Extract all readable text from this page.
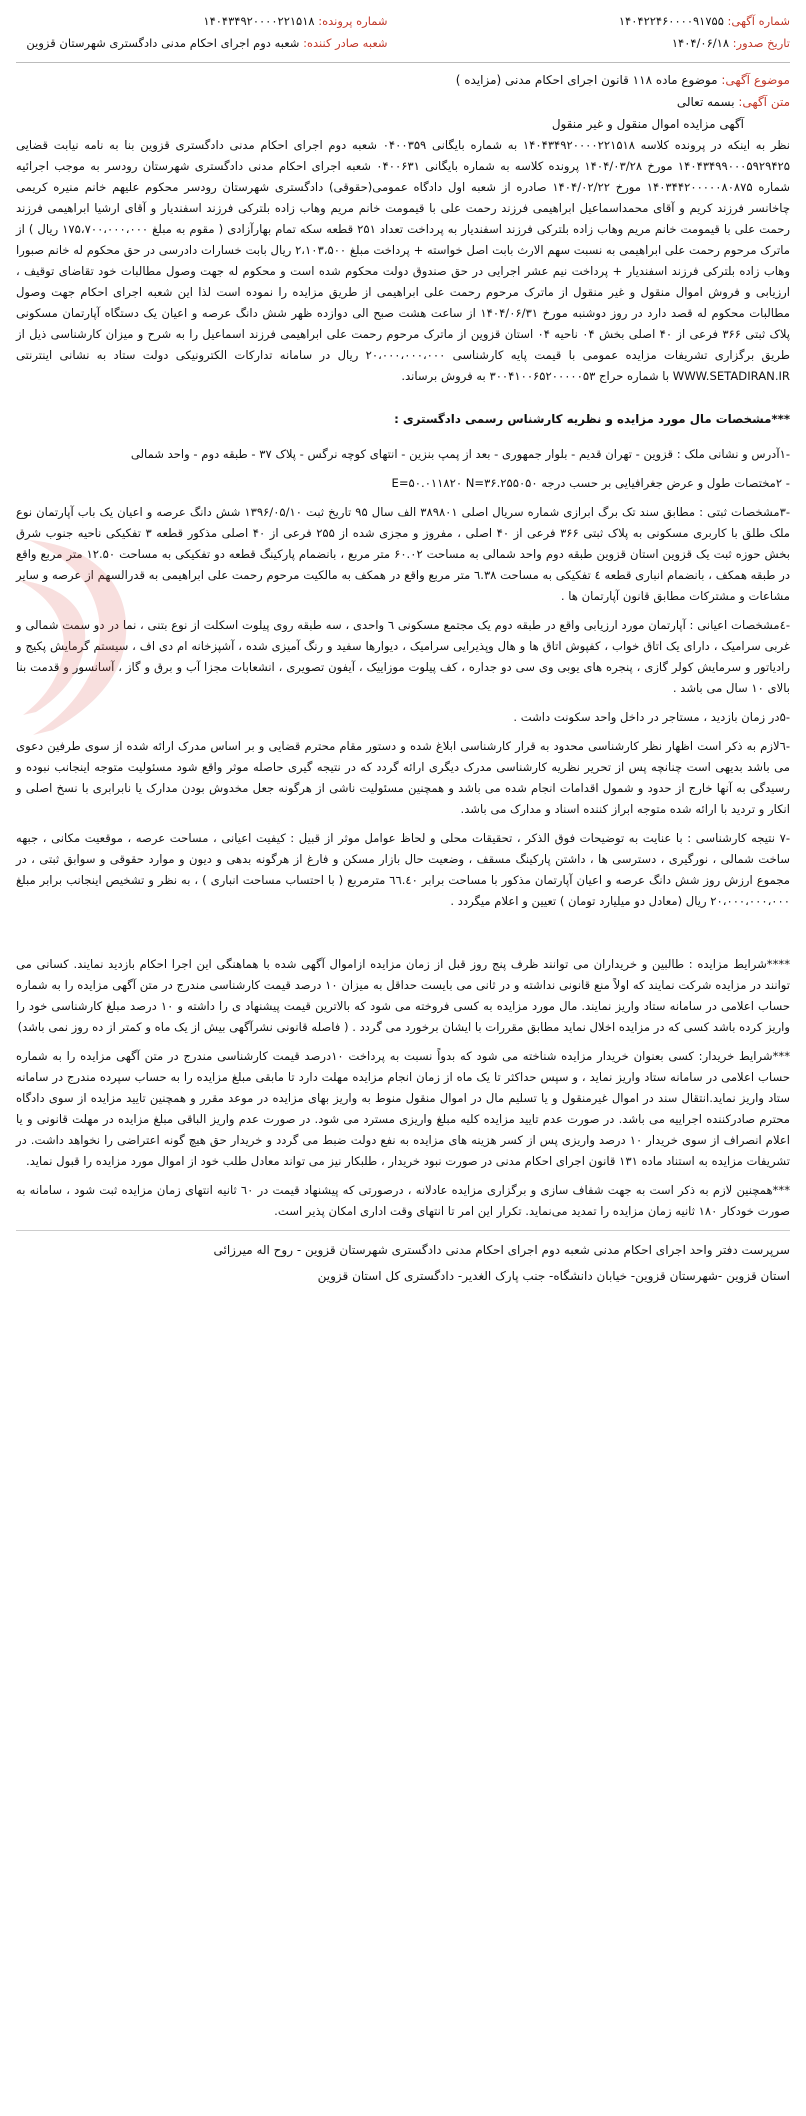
شماره آگهی: ۱۴۰۴۲۲۴۶۰۰۰۰۹۱۷۵۵
تاریخ صدور: ۱۴۰۴/۰۶/۱۸
شماره پرونده: ۱۴۰۴۳۴۹۲۰۰۰۰۲۲۱۵۱۸
شعبه صادر کننده: شعبه دوم اجرای احکام مدنی دادگستری شهرستان قزوین
موضوع آگهی: موضوع ماده ۱۱۸ قانون اجرای احکام مدنی (مزایده )
متن آگهی: بسمه تعالی
آگهی مزایده اموال منقول و غیر منقول

نظر به اینکه در پرونده کلاسه ۱۴۰۴۳۴۹۲۰۰۰۰۲۲۱۵۱۸ به شماره بایگانی ۰۴۰۰۳۵۹ شعبه دوم اجرای احکام مدنی دادگستری قزوین بنا به نامه نیابت قضایی ۱۴۰۴۳۴۹۹۰۰۰۵۹۲۹۴۲۵ مورخ ۱۴۰۴/۰۳/۲۸ پرونده کلاسه به شماره بایگانی ۰۴۰۰۶۳۱ شعبه اجرای احکام مدنی دادگستری شهرستان رودسر به موجب اجرائیه شماره ۱۴۰۳۴۴۲۰۰۰۰۰۸۰۸۷۵ مورخ ۱۴۰۴/۰۲/۲۲ صادره از شعبه اول دادگاه عمومی(حقوقی) دادگستری شهرستان رودسر محکوم علیهم خانم منیره کریمی چاخانسر فرزند کریم و آقای محمداسماعیل ابراهیمی فرزند رحمت علی با قیمومت خانم مریم وهاب زاده بلترکی فرزند اسفندیار و آقای ارشیا ابراهیمی فرزند رحمت علی با قیمومت خانم مریم وهاب زاده بلترکی فرزند اسفندیار به پرداخت تعداد ۲۵۱ قطعه سکه تمام بهارآزادی ( مقوم به مبلغ ۱۷۵،۷۰۰،۰۰۰،۰۰۰ ریال ) از ماترک مرحوم رحمت علی ابراهیمی به نسبت سهم الارث بابت اصل خواسته + پرداخت مبلغ ۲،۱۰۳،۵۰۰ ریال بابت خسارات دادرسی در حق محکوم له خانم صبورا وهاب زاده بلترکی فرزند اسفندیار + پرداخت نیم عشر اجرایی در حق صندوق دولت محکوم شده است و محکوم له جهت وصول مطالبات خود تقاضای توقیف ، ارزیابی و فروش اموال منقول و غیر منقول از ماترک مرحوم رحمت علی ابراهیمی از طریق مزایده را نموده است لذا این شعبه اجرای احکام جهت وصول مطالبات محکوم له قصد دارد در روز دوشنبه مورخ ۱۴۰۴/۰۶/۳۱ از ساعت هشت صبح الی دوازده ظهر شش دانگ عرصه و اعیان یک دستگاه آپارتمان مسکونی پلاک ثبتی ۳۶۶ فرعی از ۴۰ اصلی بخش ۰۴ ناحیه ۰۴ استان قزوین از ماترک مرحوم رحمت علی ابراهیمی فرزند اسماعیل را به شرح و میزان کارشناسی ذیل از طریق برگزاری تشریفات مزایده عمومی با قیمت پایه کارشناسی ۲۰،۰۰۰،۰۰۰،۰۰۰ ریال در سامانه تدارکات الکترونیکی دولت ستاد به نشانی اینترنتی WWW.SETADIRAN.IR با شماره حراج ۳۰۰۴۱۰۰۶۵۲۰۰۰۰۰۵۳ به فروش برساند.

***مشخصات مال مورد مزایده و نظریه کارشناس رسمی دادگستری :

-۱آدرس و نشانی ملک : قزوین - تهران قدیم - بلوار جمهوری - بعد از پمپ بنزین - انتهای کوچه نرگس - پلاک ۳۷ - طبقه دوم - واحد شمالی

- ۲مختصات طول و عرض جغرافیایی بر حسب درجه E=۵۰.۰۱۱۸۲۰ N=۳۶.۲۵۵۰۵۰

-۳مشخصات ثبتی : مطابق سند تک برگ ابرازی شماره سریال اصلی ۳۸۹۸۰۱ الف سال ۹۵ تاریخ ثبت ۱۳۹۶/۰۵/۱۰ شش دانگ عرصه و اعیان یک باب آپارتمان نوع ملک طلق با کاربری مسکونی به پلاک ثبتی ۳۶۶ فرعی از ۴۰ اصلی ، مفروز و مجزی شده از ۲۵۵ فرعی از ۴۰ اصلی مذکور قطعه ۳ تفکیکی ناحیه جنوب شرق بخش حوزه ثبت یک قزوین استان قزوین طبقه دوم واحد شمالی به مساحت ۶۰.۰۲ متر مربع ، بانضمام پارکینگ قطعه دو تفکیکی به مساحت ۱۲.۵۰ متر مربع واقع در طبقه همکف ، بانضمام انباری قطعه ٤ تفکیکی به مساحت ٦.۳۸ متر مربع واقع در همکف به مالکیت مرحوم رحمت علی ابراهیمی به قدرالسهم از عرصه و سایر مشاعات و مشترکات مطابق قانون آپارتمان ها .

-٤مشخصات اعیانی : آپارتمان مورد ارزیابی واقع در طبقه دوم یک مجتمع مسکونی ٦ واحدی ، سه طبقه روی پیلوت اسکلت از نوع بتنی ، نما در دو سمت شمالی و غربی سرامیک ، دارای یک اتاق خواب ، کفپوش اتاق ها و هال وپذیرایی سرامیک ، دیوارها سفید و رنگ آمیزی شده ، آشپزخانه ام دی اف ، سیستم گرمایش پکیج و رادیاتور و سرمایش کولر گازی ، پنجره های یوبی وی سی دو جداره ، کف پیلوت موزاییک ، آیفون تصویری ، انشعابات مجزا آب و برق و گاز ، آسانسور و قدمت بنا بالای ۱۰ سال می باشد .

-۵در زمان بازدید ، مستاجر در داخل واحد سکونت داشت .

-٦لازم به ذکر است اظهار نظر کارشناسی محدود به قرار کارشناسی ابلاغ شده و دستور مقام محترم قضایی و بر اساس مدرک ارائه شده از سوی طرفین دعوی می باشد بدیهی است چنانچه پس از تحریر نظریه کارشناسی مدرک دیگری ارائه گردد که در نتیجه گیری حاصله موثر واقع شود مسئولیت متوجه اینجانب نبوده و رسیدگی به آنها خارج از حدود و شمول اقدامات انجام شده می باشد و همچنین مسئولیت ناشی از هرگونه جعل مخدوش بودن مدارک یا نابرابری با نسخ اصلی و انکار و تردید با ارائه شده متوجه ابراز کننده اسناد و مدارک می باشد.

-۷ نتیجه کارشناسی : با عنایت به توضیحات فوق الذکر ، تحقیقات محلی و لحاظ عوامل موثر از قبیل : کیفیت اعیانی ، مساحت عرصه ، موقعیت مکانی ، جبهه ساخت شمالی ، نورگیری ، دسترسی ها ، داشتن پارکینگ مسقف ، وضعیت حال بازار مسکن و فارغ از هرگونه بدهی و دیون و موارد حقوقی و سوابق ثبتی ، در مجموع ارزش روز شش دانگ عرصه و اعیان آپارتمان مذکور با مساحت برابر ٦٦.٤۰ مترمربع ( با احتساب مساحت انباری ) ، به نظر و تشخیص اینجانب برابر مبلغ ۲۰،۰۰۰،۰۰۰،۰۰۰ ریال (معادل دو میلیارد تومان ) تعیین و اعلام میگردد .

****شرایط مزایده : طالبین و خریداران می توانند ظرف پنج روز قبل از زمان مزایده ازاموال آگهی شده با هماهنگی این اجرا احکام بازدید نمایند. کسانی می توانند در مزایده شرکت نمایند که اولاً منع قانونی نداشته و در ثانی می بایست حداقل به میزان ۱۰ درصد قیمت کارشناسی مندرج در متن آگهی مزایده را به شماره حساب اعلامی در سامانه ستاد واریز نمایند. مال مورد مزایده به کسی فروخته می شود که بالاترین قیمت پیشنهاد ی را داشته و ۱۰ درصد مبلغ کارشناسی خود را واریز کرده باشد کسی که در مزایده اخلال نماید مطابق مقررات با ایشان برخورد می گردد . ( فاصله قانونی نشرآگهی بیش از یک ماه و کمتر از ده روز نمی باشد)

***شرایط خریدار: کسی بعنوان خریدار مزایده شناخته می شود که بدواً نسبت به پرداخت ۱۰درصد قیمت کارشناسی مندرج در متن آگهی مزایده را به شماره حساب اعلامی در سامانه ستاد واریز نماید ، و سپس حداکثر تا یک ماه از زمان انجام مزایده مهلت دارد تا مابقی مبلغ مزایده را به حساب سپرده مندرج در سامانه ستاد واریز نماید.انتقال سند در اموال غیرمنقول و یا تسلیم مال در اموال منقول منوط به واریز بهای مزایده در موعد مقرر و همچنین تایید مزایده از سوی دادگاه محترم صادرکننده اجراییه می باشد. در صورت عدم تایید مزایده کلیه مبلغ واریزی مسترد می شود. در صورت عدم واریز الباقی مبلغ مزایده در مهلت قانونی و یا اعلام انصراف از سوی خریدار ۱۰ درصد واریزی پس از کسر هزینه های مزایده به نفع دولت ضبط می گردد و خریدار حق هیچ گونه اعتراضی را نخواهد داشت. در تشریفات مزایده به استناد ماده ۱۳۱ قانون اجرای احکام مدنی در صورت نبود خریدار ، طلبکار نیز می تواند معادل طلب خود از اموال مورد مزایده را قبول نماید.

***همچنین لازم به ذکر است به جهت شفاف سازی و برگزاری مزایده عادلانه ، درصورتی که پیشنهاد قیمت در ٦۰ ثانیه انتهای زمان مزایده ثبت شود ، سامانه به صورت خودکار ۱۸۰ ثانیه زمان مزایده را تمدید می‌نماید. تکرار این امر تا انتهای وقت اداری امکان پذیر است.

سرپرست دفتر واحد اجرای احکام مدنی شعبه دوم اجرای احکام مدنی دادگستری شهرستان قزوین - روح اله میرزائی
استان قزوین -شهرستان قزوین- خیابان دانشگاه- جنب پارک الغدیر- دادگستری کل استان قزوین
